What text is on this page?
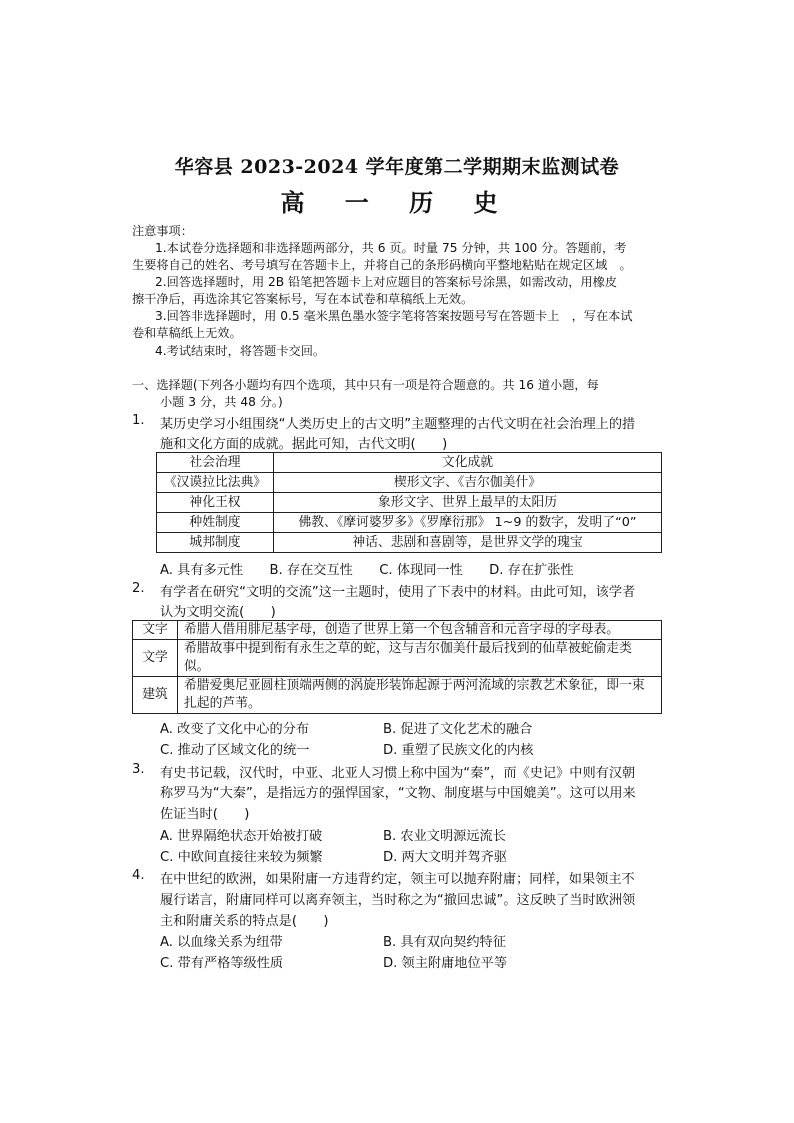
华容县 2023-2024 学年度第二学期期末监测试卷
高 一 历 史
注意事项：
1.本试卷分选择题和非选择题两部分，共 6 页。时量 75 分钟，共 100 分。答题前，考
生要将自己的姓名、考号填写在答题卡上，并将自己的条形码横向平整地粘贴在规定区域　。
2.回答选择题时，用 2B 铅笔把答题卡上对应题目的答案标号涂黑，如需改动，用橡皮
擦干净后，再选涂其它答案标号，写在本试卷和草稿纸上无效。
3.回答非选择题时，用 0.5 毫米黑色墨水签字笔将答案按题号写在答题卡上　，写在本试
卷和草稿纸上无效。
4.考试结束时，将答题卡交回。
一、选择题(下列各小题均有四个选项，其中只有一项是符合题意的。共 16 道小题，每
小题 3 分，共 48 分。)
1. 某历史学习小组围绕“人类历史上的古文明”主题整理的古代文明在社会治理上的措
施和文化方面的成就。据此可知，古代文明(　　)
社会治理	文化成就
《汉谟拉比法典》	楔形文字、《吉尔伽美什》
神化王权	象形文字、世界上最早的太阳历
种姓制度	佛教、《摩诃婆罗多》《罗摩衍那》 1~9 的数字，发明了“0”
城邦制度	神话、悲剧和喜剧等，是世界文学的瑰宝
A. 具有多元性　　B. 存在交互性　　C. 体现同一性　　D. 存在扩张性
2. 有学者在研究“文明的交流”这一主题时，使用了下表中的材料。由此可知，该学者
认为文明交流(　　)
文字	希腊人借用腓尼基字母，创造了世界上第一个包含辅音和元音字母的字母表。
文学	希腊故事中提到衔有永生之草的蛇，这与吉尔伽美什最后找到的仙草被蛇偷走类似。
建筑	希腊爱奥尼亚圆柱顶端两侧的涡旋形装饰起源于两河流域的宗教艺术象征，即一束扎起的芦苇。
A. 改变了文化中心的分布	B. 促进了文化艺术的融合
C. 推动了区域文化的统一	D. 重塑了民族文化的内核
3. 有史书记载，汉代时，中亚、北亚人习惯上称中国为“秦”，而《史记》中则有汉朝
称罗马为“大秦”，是指远方的强悍国家，“文物、制度堪与中国媲美”。这可以用来
佐证当时(　　)
A. 世界隔绝状态开始被打破	B. 农业文明源远流长
C. 中欧间直接往来较为频繁	D. 两大文明并驾齐驱
4. 在中世纪的欧洲，如果附庸一方违背约定，领主可以抛弃附庸；同样，如果领主不
履行诺言，附庸同样可以离弃领主，当时称之为“撤回忠诚”。这反映了当时欧洲领
主和附庸关系的特点是(　　)
A. 以血缘关系为纽带	B. 具有双向契约特征
C. 带有严格等级性质	D. 领主附庸地位平等
